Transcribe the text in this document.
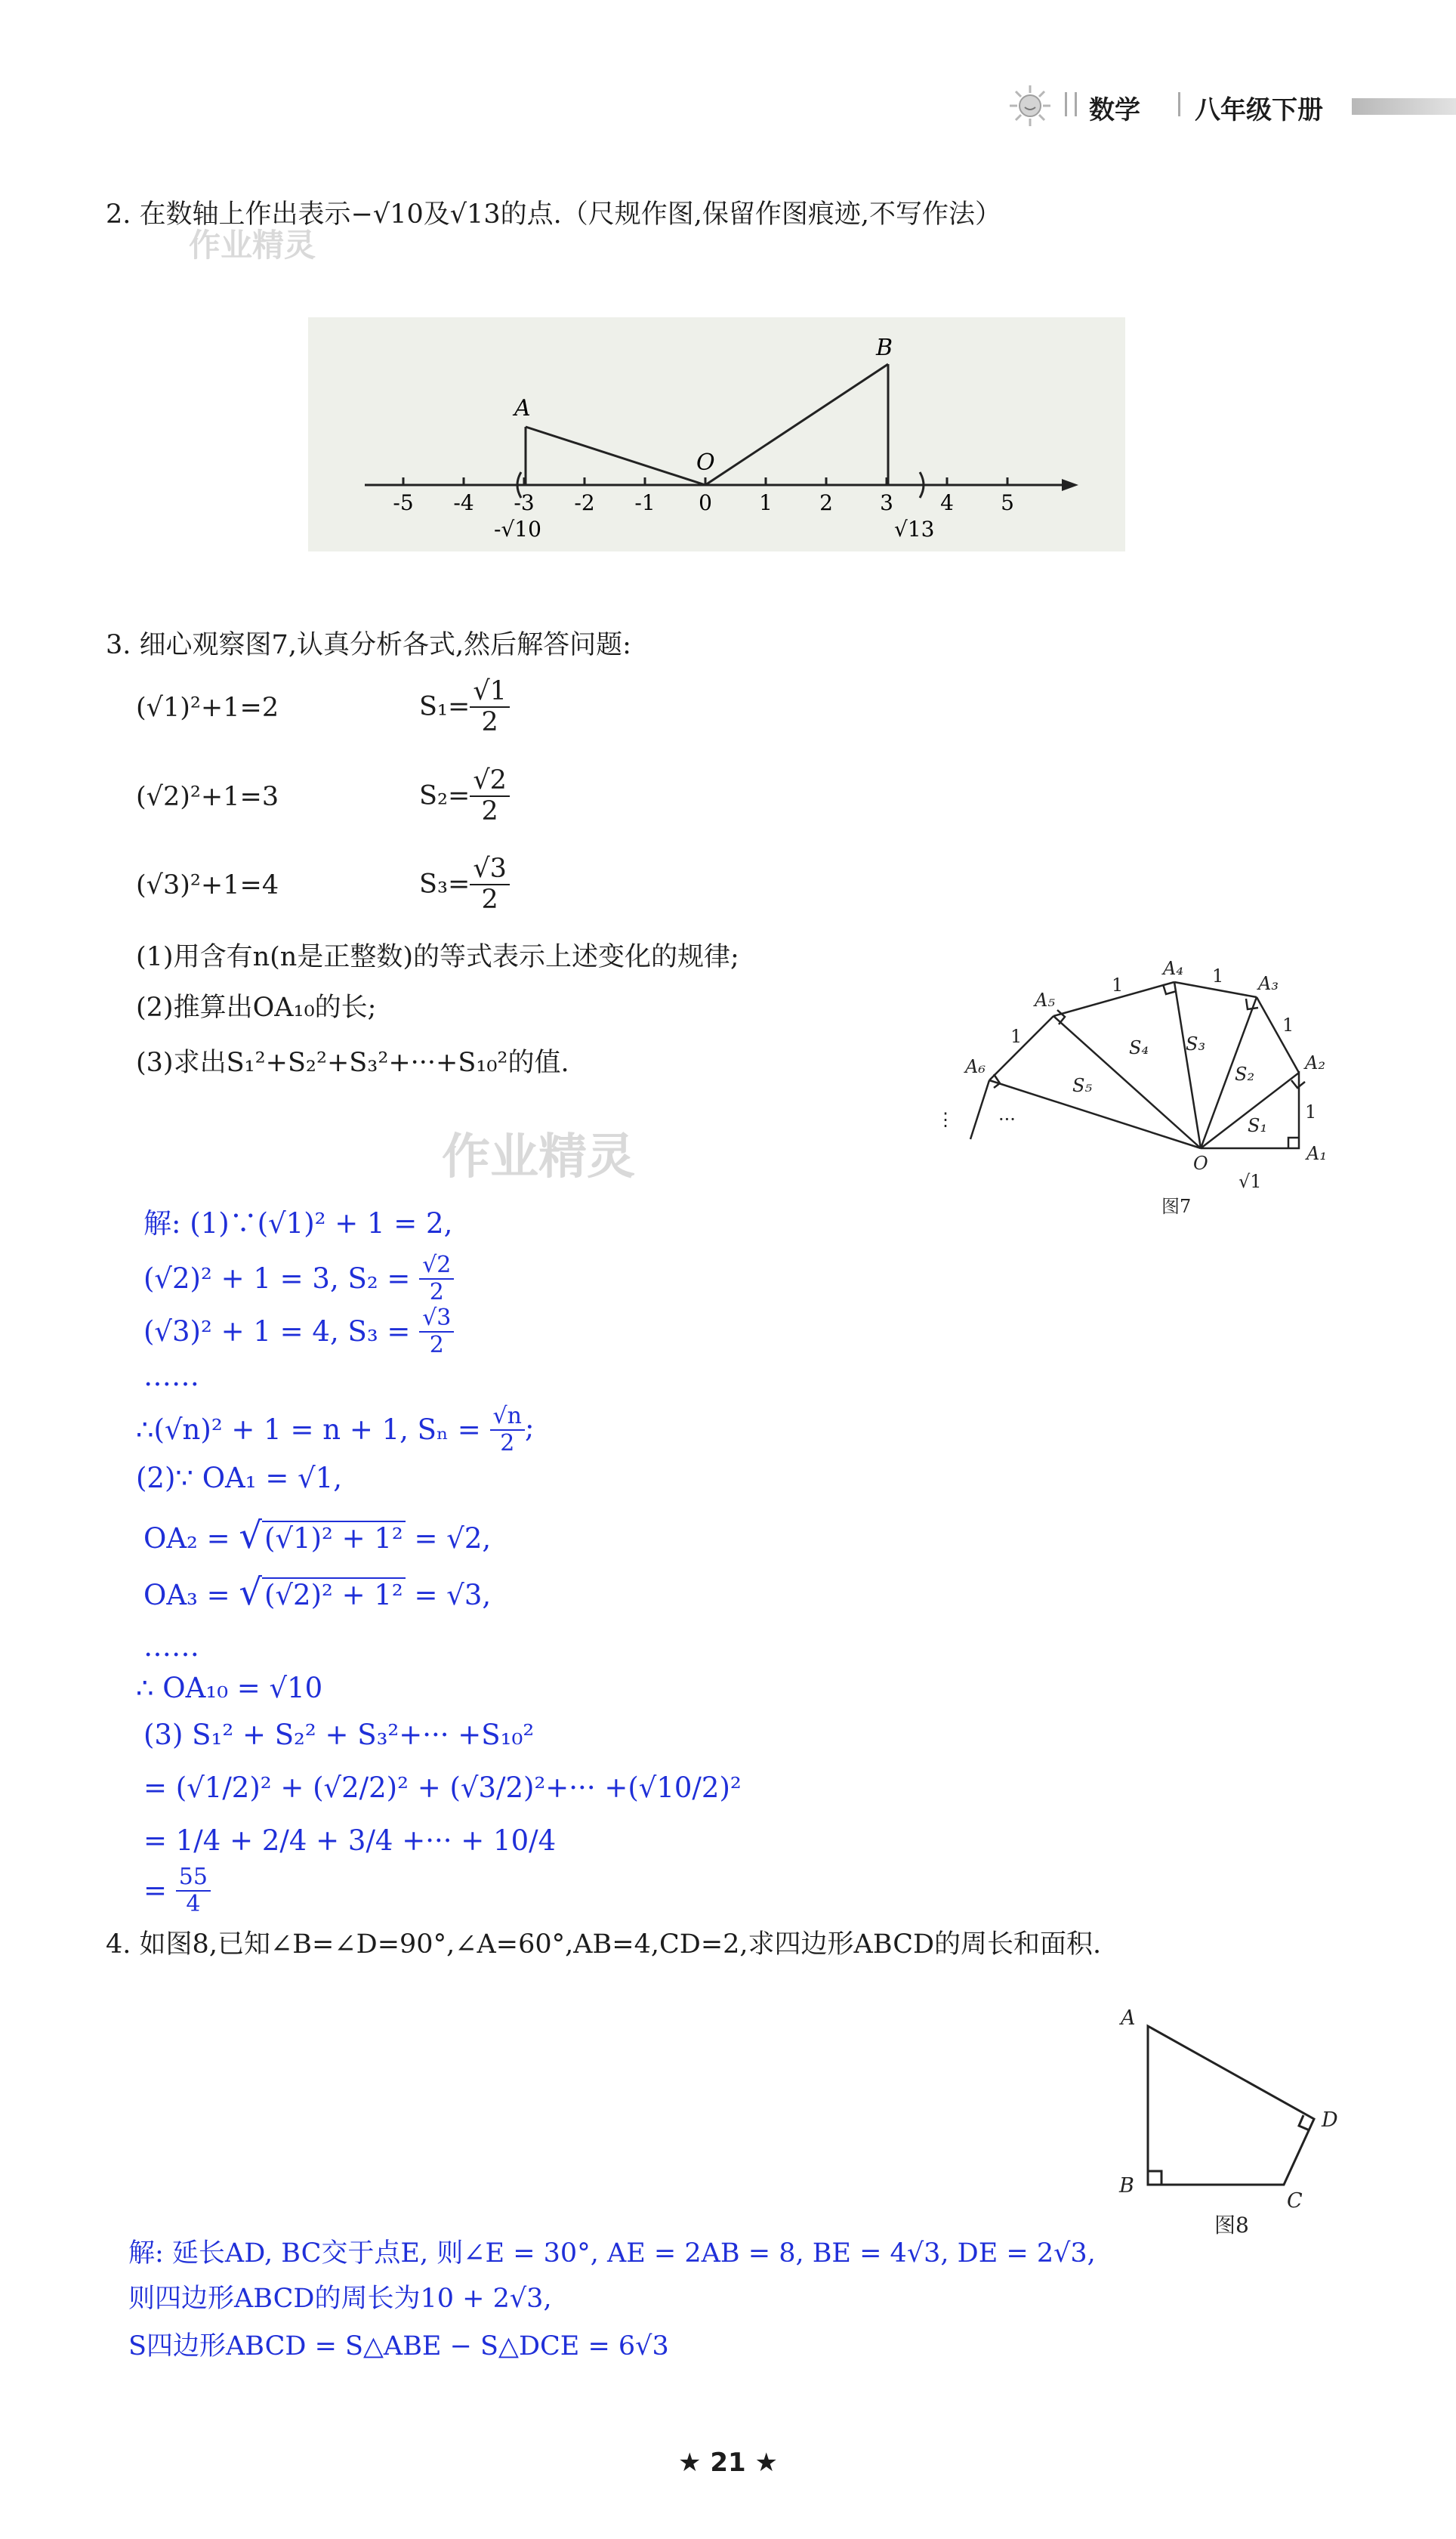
数学 八年级下册
2. 在数轴上作出表示−√10及√13的点.（尺规作图,保留作图痕迹,不写作法）
作业精灵
-5 -4 -3 -2 -1 0 1 2 3 4 5
A
O
B
-√10	√13
3. 细心观察图7,认真分析各式,然后解答问题:
(√1)²+1=2	$S_1= \frac{√1}{2}$
(√2)²+1=3	$S_2= \frac{√2}{2}$
(√3)²+1=4	$S_3= \frac{√3}{2}$
(1)用含有n(n是正整数)的等式表示上述变化的规律;
(2)推算出OA₁₀的长;
(3)求出S₁²+S₂²+S₃²+···+S₁₀²的值.
作业精灵	A₁
A₂
A₃
A₄
A₅
A₆
O
S₁
S₂
S₃
S₄
S₅
1
1
1
1
1
√1
···
⋮
图7
解: (1)∵(√1)² + 1 = 2,
(√2)² + 1 = 3, $S_2 = \frac{√2}{2}$
(√3)² + 1 = 4, $S_3 = \frac{√3}{2}$
……
∴(√n)² + 1 = n + 1, $S_n = \frac{√n}{2}$ ;
(2)∵ OA₁ = √1,
OA₂ = √(√1)² + 1² = √2,
OA₃ = √(√2)² + 1² = √3,
……
∴ OA₁₀ = √10
(3) S₁² + S₂² + S₃²+··· +S₁₀²
= (√1/2)² + (√2/2)² + (√3/2)²+··· +(√10/2)²
= 1/4 + 2/4 + 3/4 +··· + 10/4
= $\frac{55}{4}$
4. 如图8,已知∠B=∠D=90°,∠A=60°,AB=4,CD=2,求四边形ABCD的周长和面积.
A
B
C
D
图8
解: 延长AD, BC交于点E, 则∠E = 30°, AE = 2AB = 8, BE = 4√3, DE = 2√3,
则四边形ABCD的周长为10 + 2√3,
S四边形ABCD = S△ABE − S△DCE = 6√3
★ 21 ★
